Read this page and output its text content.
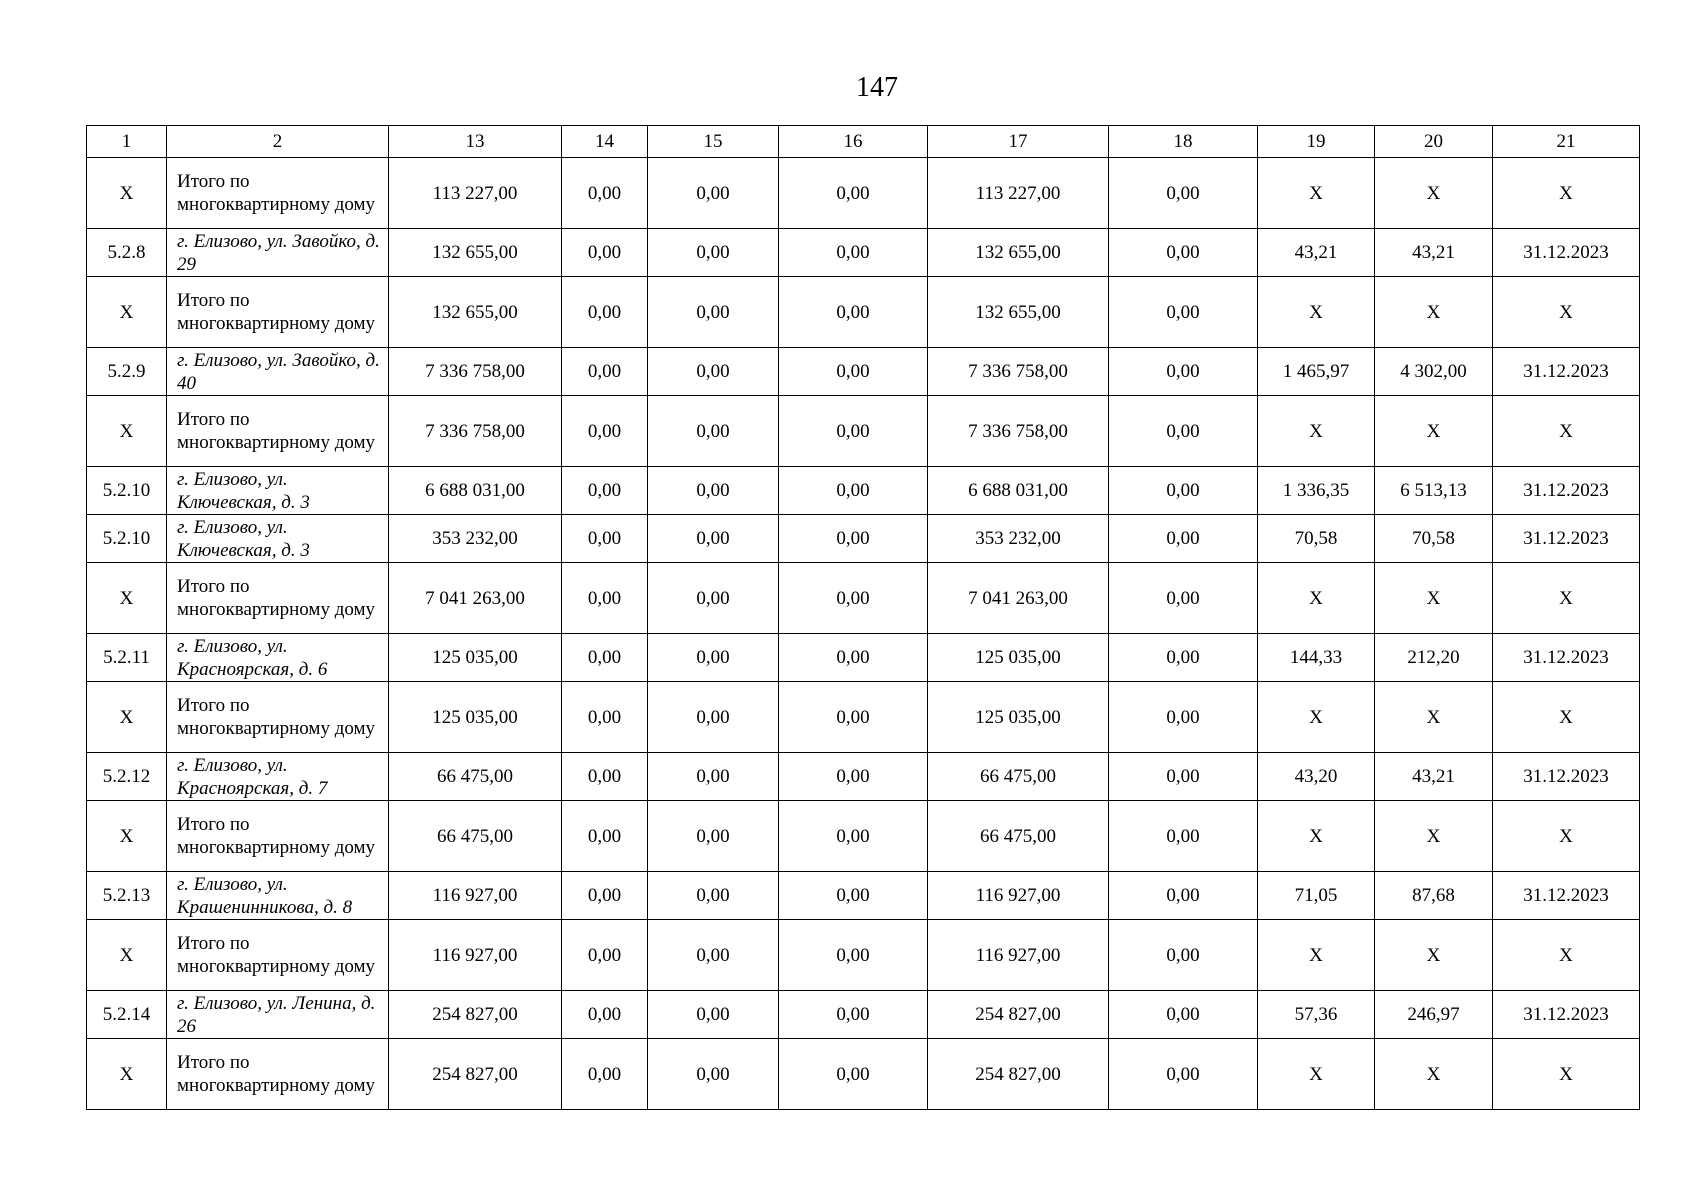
147
1	2	13	14	15	16	17	18	19	20	21
X	Итого по многоквартирному дому	113 227,00	0,00	0,00	0,00	113 227,00	0,00	X	X	X
5.2.8	г. Елизово, ул. Завойко, д. 29	132 655,00	0,00	0,00	0,00	132 655,00	0,00	43,21	43,21	31.12.2023
X	Итого по многоквартирному дому	132 655,00	0,00	0,00	0,00	132 655,00	0,00	X	X	X
5.2.9	г. Елизово, ул. Завойко, д. 40	7 336 758,00	0,00	0,00	0,00	7 336 758,00	0,00	1 465,97	4 302,00	31.12.2023
X	Итого по многоквартирному дому	7 336 758,00	0,00	0,00	0,00	7 336 758,00	0,00	X	X	X
5.2.10	г. Елизово, ул. Ключевская, д. 3	6 688 031,00	0,00	0,00	0,00	6 688 031,00	0,00	1 336,35	6 513,13	31.12.2023
5.2.10	г. Елизово, ул. Ключевская, д. 3	353 232,00	0,00	0,00	0,00	353 232,00	0,00	70,58	70,58	31.12.2023
X	Итого по многоквартирному дому	7 041 263,00	0,00	0,00	0,00	7 041 263,00	0,00	X	X	X
5.2.11	г. Елизово, ул. Красноярская, д. 6	125 035,00	0,00	0,00	0,00	125 035,00	0,00	144,33	212,20	31.12.2023
X	Итого по многоквартирному дому	125 035,00	0,00	0,00	0,00	125 035,00	0,00	X	X	X
5.2.12	г. Елизово, ул. Красноярская, д. 7	66 475,00	0,00	0,00	0,00	66 475,00	0,00	43,20	43,21	31.12.2023
X	Итого по многоквартирному дому	66 475,00	0,00	0,00	0,00	66 475,00	0,00	X	X	X
5.2.13	г. Елизово, ул. Крашенинникова, д. 8	116 927,00	0,00	0,00	0,00	116 927,00	0,00	71,05	87,68	31.12.2023
X	Итого по многоквартирному дому	116 927,00	0,00	0,00	0,00	116 927,00	0,00	X	X	X
5.2.14	г. Елизово, ул. Ленина, д. 26	254 827,00	0,00	0,00	0,00	254 827,00	0,00	57,36	246,97	31.12.2023
X	Итого по многоквартирному дому	254 827,00	0,00	0,00	0,00	254 827,00	0,00	X	X	X
